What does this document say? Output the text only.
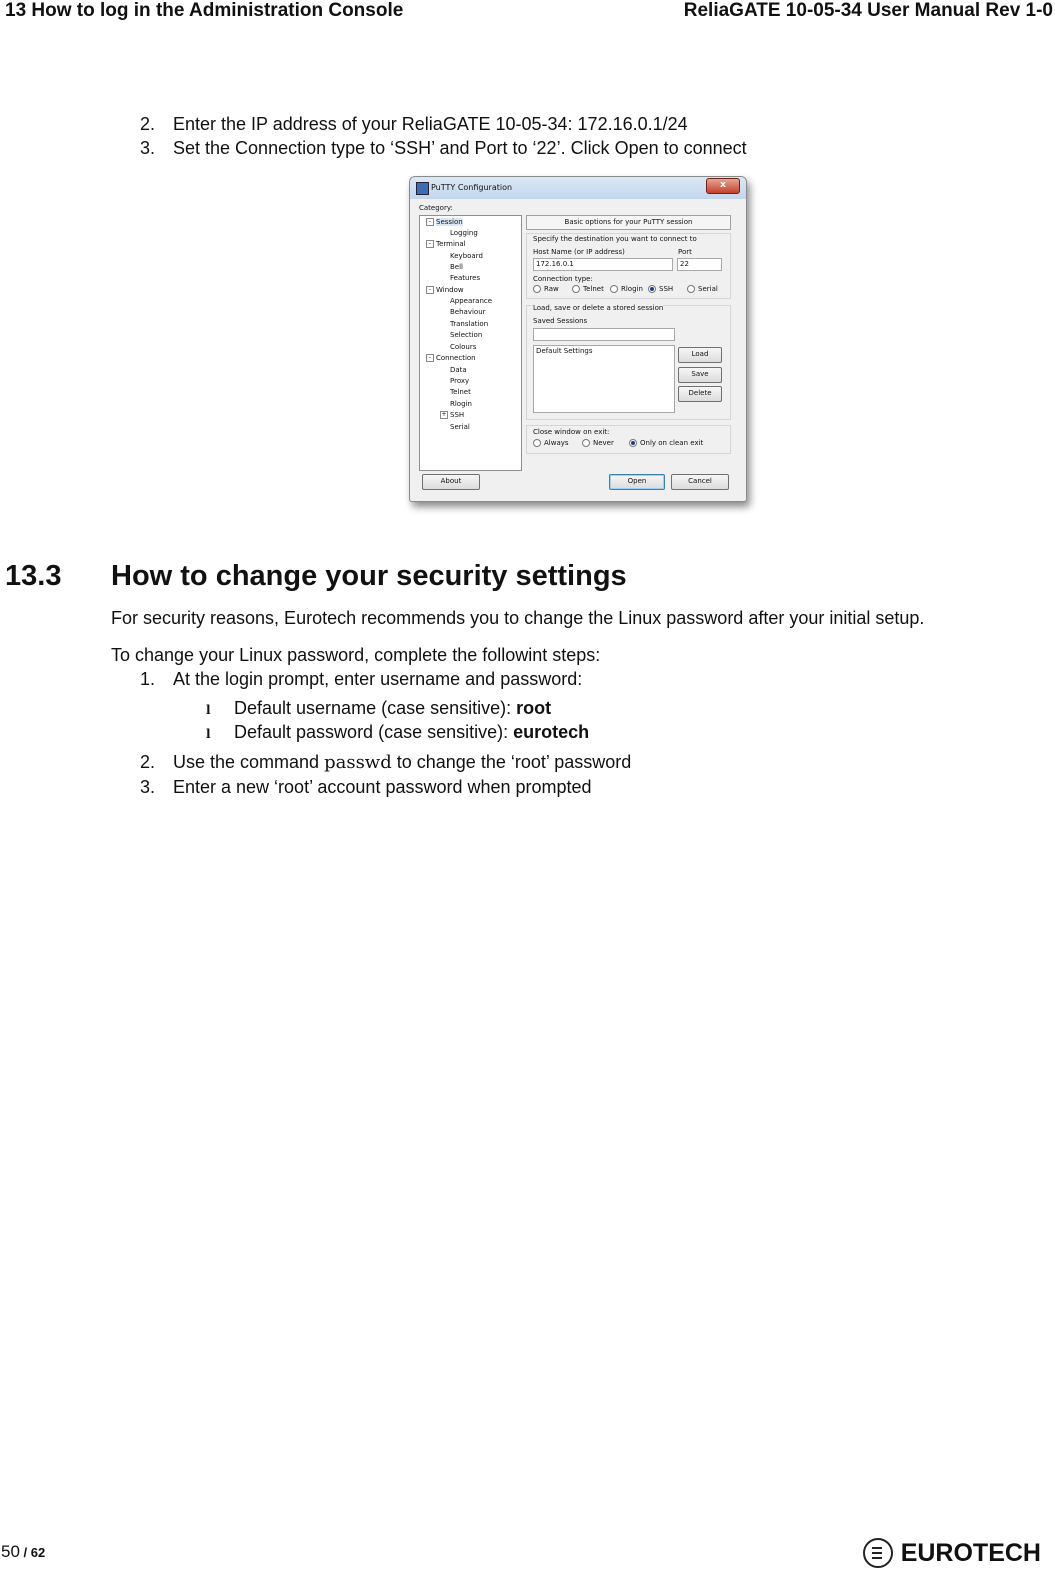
13 How to log in the Administration Console	ReliaGATE 10-05-34 User Manual Rev 1-0
2. Enter the IP address of your ReliaGATE 10-05-34: 172.16.0.1/24
3. Set the Connection type to ‘SSH’ and Port to ‘22’. Click Open to connect
PuTTY Configuration	x
Category:
- Session
Logging
- Terminal
Keyboard
Bell
Features
- Window
Appearance
Behaviour
Translation
Selection
Colours
- Connection
Data
Proxy
Telnet
Rlogin
+ SSH
Serial
Basic options for your PuTTY session
Specify the destination you want to connect to
Host Name (or IP address)	Port
172.16.0.1	22
Connection type:
Raw	Telnet	Rlogin	SSH	Serial
Load, save or delete a stored session
Saved Sessions
Default Settings	Load
Save
Delete
Close window on exit:
Always	Never	Only on clean exit
About	Open	Cancel
13.3 How to change your security settings
For security reasons, Eurotech recommends you to change the Linux password after your initial setup.
To change your Linux password, complete the followint steps:
1. At the login prompt, enter username and password:
l Default username (case sensitive): root
l Default password (case sensitive): eurotech
2. Use the command passwd to change the ‘root’ password
3. Enter a new ‘root’ account password when prompted
50 / 62	EUROTECH
